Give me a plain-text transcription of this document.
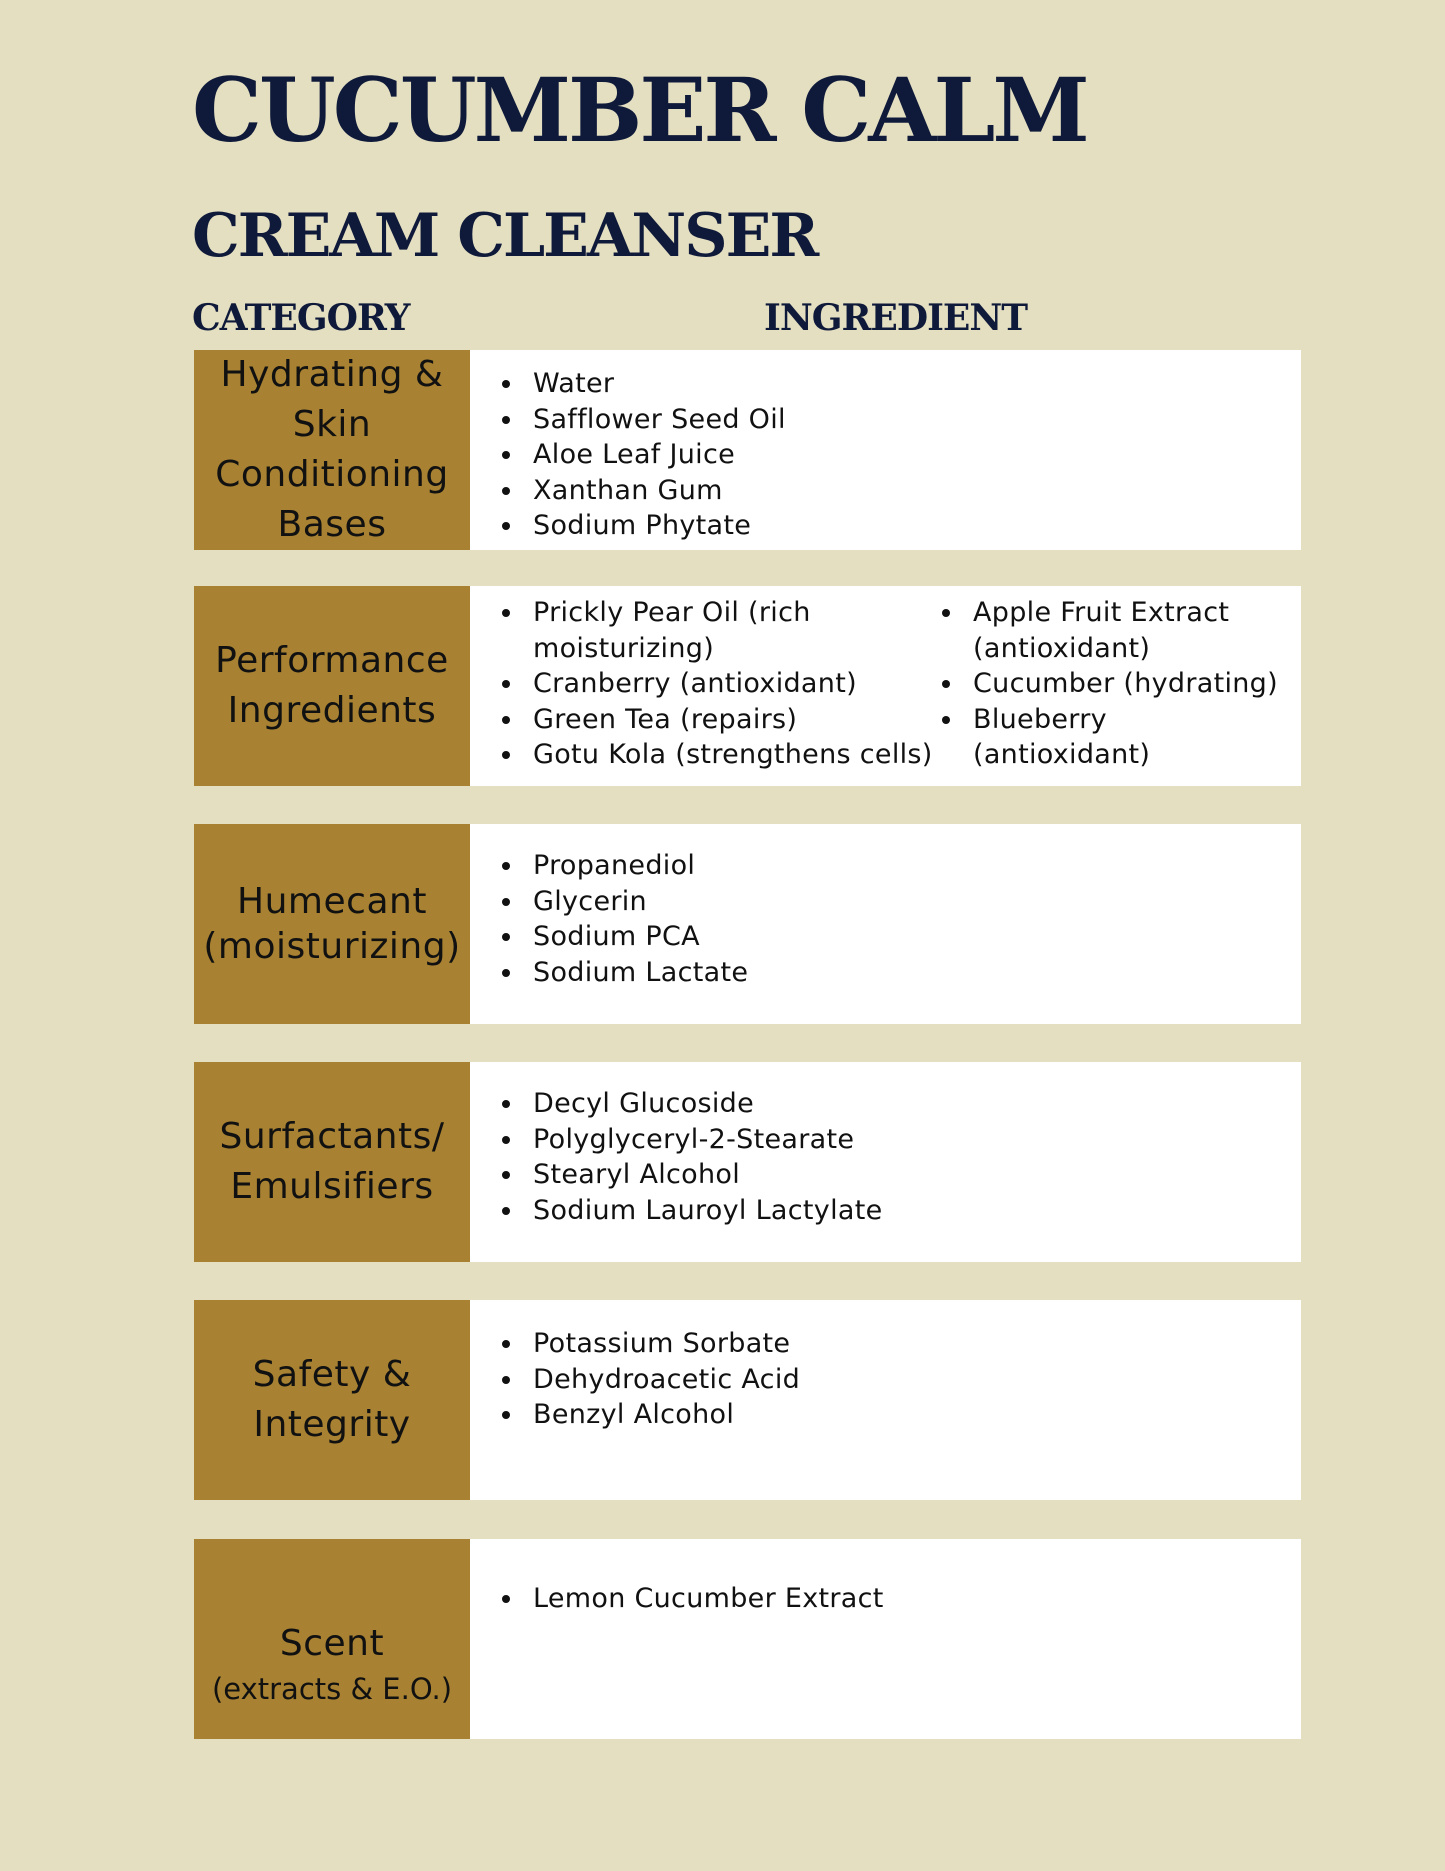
CUCUMBER CALM
CREAM CLEANSER
CATEGORY	INGREDIENT
Hydrating &
Skin
Conditioning
Bases
Water
Safflower Seed Oil
Aloe Leaf Juice
Xanthan Gum
Sodium Phytate
Performance
Ingredients
Prickly Pear Oil (rich moisturizing)
Cranberry (antioxidant)
Green Tea (repairs)
Gotu Kola (strengthens cells)
Apple Fruit Extract (antioxidant)
Cucumber (hydrating)
Blueberry (antioxidant)
Humecant
(moisturizing)
Propanediol
Glycerin
Sodium PCA
Sodium Lactate
Surfactants/
Emulsifiers
Decyl Glucoside
Polyglyceryl-2-Stearate
Stearyl Alcohol
Sodium Lauroyl Lactylate
Safety &
Integrity
Potassium Sorbate
Dehydroacetic Acid
Benzyl Alcohol
Scent
(extracts & E.O.)
Lemon Cucumber Extract
